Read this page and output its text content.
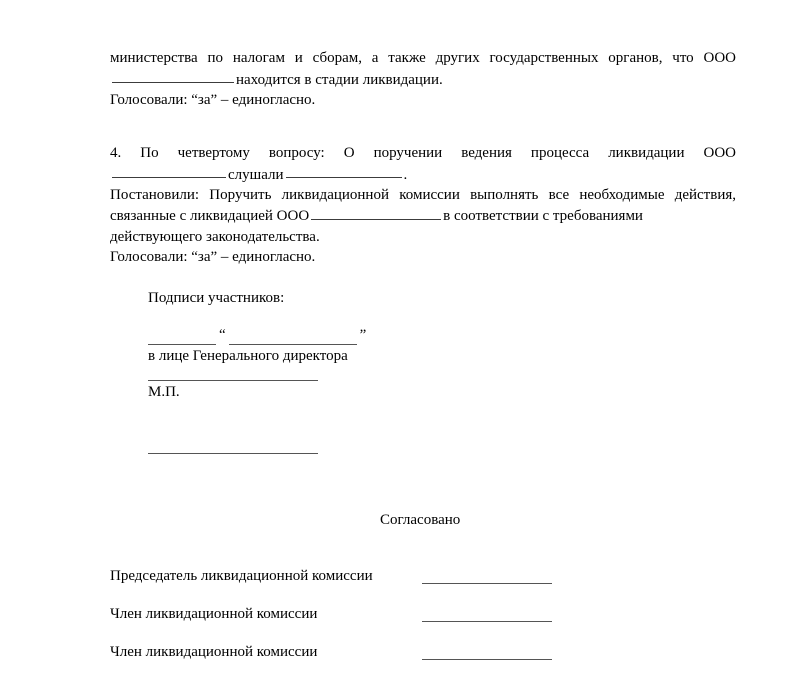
министерства по налогам и сборам, а также других государственных органов, что ООО

находится в стадии ликвидации.

Голосовали: “за” – единогласно.

4. По четвертому вопросу: О поручении ведения процесса ликвидации ООО

слушали	.

Постановили: Поручить ликвидационной комиссии выполнять все необходимые действия,

связанные с ликвидацией ООО	в соответствии с требованиями

действующего законодательства.

Голосовали: “за” – единогласно.

Подписи участников:
“	”
в лице Генерального директора
М.П.
Согласовано
Председатель ликвидационной комиссии
Член ликвидационной комиссии
Член ликвидационной комиссии
